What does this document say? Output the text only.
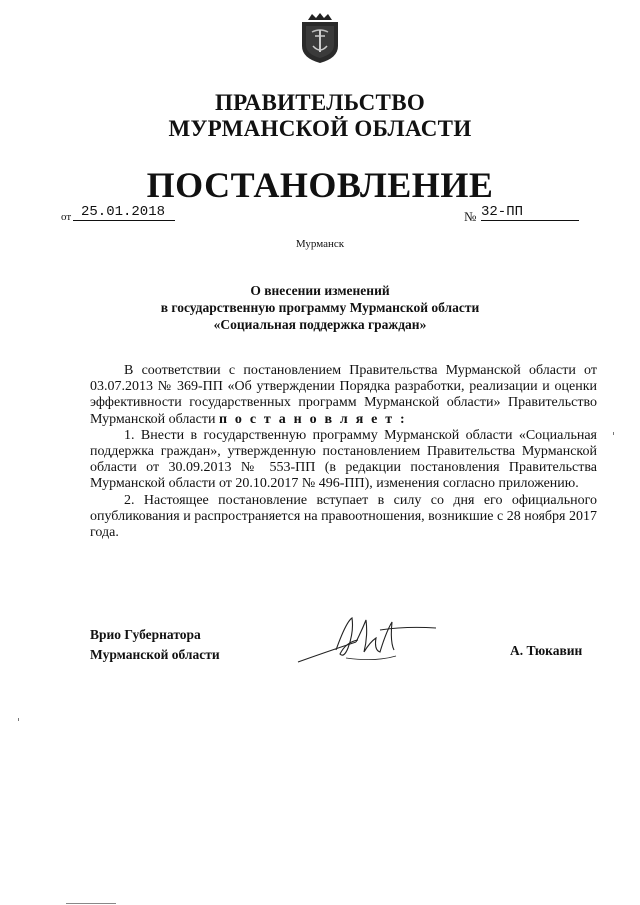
ПРАВИТЕЛЬСТВО
МУРМАНСКОЙ ОБЛАСТИ
ПОСТАНОВЛЕНИЕ
от 25.01.2018	№ 32-ПП
Мурманск
О внесении изменений
в государственную программу Мурманской области
«Социальная поддержка граждан»

В соответствии с постановлением Правительства Мурманской области от 03.07.2013 № 369-ПП «Об утверждении Порядка разработки, реализации и оценки эффективности государственных программ Мурманской области» Правительство Мурманской области п о с т а н о в л я е т :

1. Внести в государственную программу Мурманской области «Социальная поддержка граждан», утвержденную постановлением Правительства Мурманской области от 30.09.2013 № 553-ПП (в редакции постановления Правительства Мурманской области от 20.10.2017 № 496-ПП), изменения согласно приложению.

2. Настоящее постановление вступает в силу со дня его официального опубликования и распространяется на правоотношения, возникшие с 28 ноября 2017 года.

Врио Губернатора
Мурманской области	А. Тюкавин
